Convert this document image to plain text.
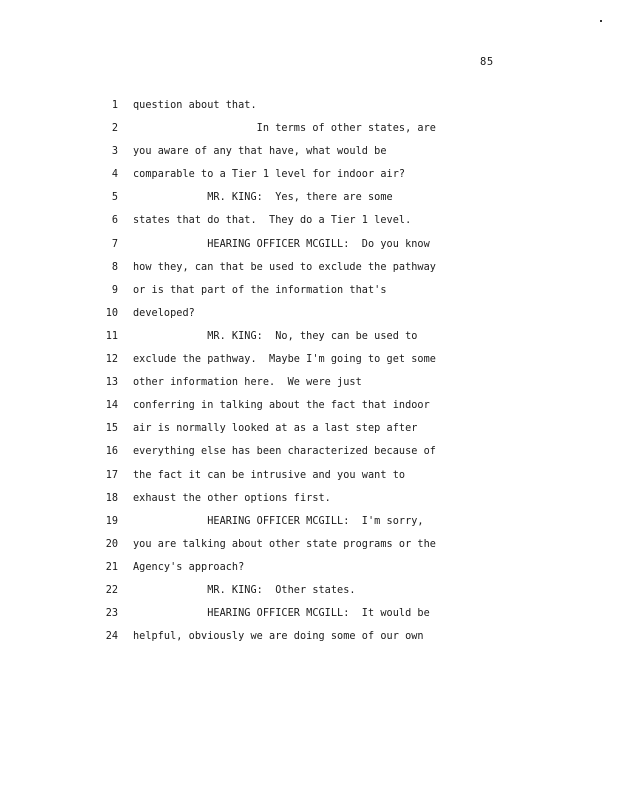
85
1 question about that.
2 In terms of other states, are
3 you aware of any that have, what would be
4 comparable to a Tier 1 level for indoor air?
5 MR. KING:  Yes, there are some
6 states that do that.  They do a Tier 1 level.
7 HEARING OFFICER MCGILL:  Do you know
8 how they, can that be used to exclude the pathway
9 or is that part of the information that's
10 developed?
11 MR. KING:  No, they can be used to
12 exclude the pathway.  Maybe I'm going to get some
13 other information here.  We were just
14 conferring in talking about the fact that indoor
15 air is normally looked at as a last step after
16 everything else has been characterized because of
17 the fact it can be intrusive and you want to
18 exhaust the other options first.
19 HEARING OFFICER MCGILL:  I'm sorry,
20 you are talking about other state programs or the
21 Agency's approach?
22 MR. KING:  Other states.
23 HEARING OFFICER MCGILL:  It would be
24 helpful, obviously we are doing some of our own
